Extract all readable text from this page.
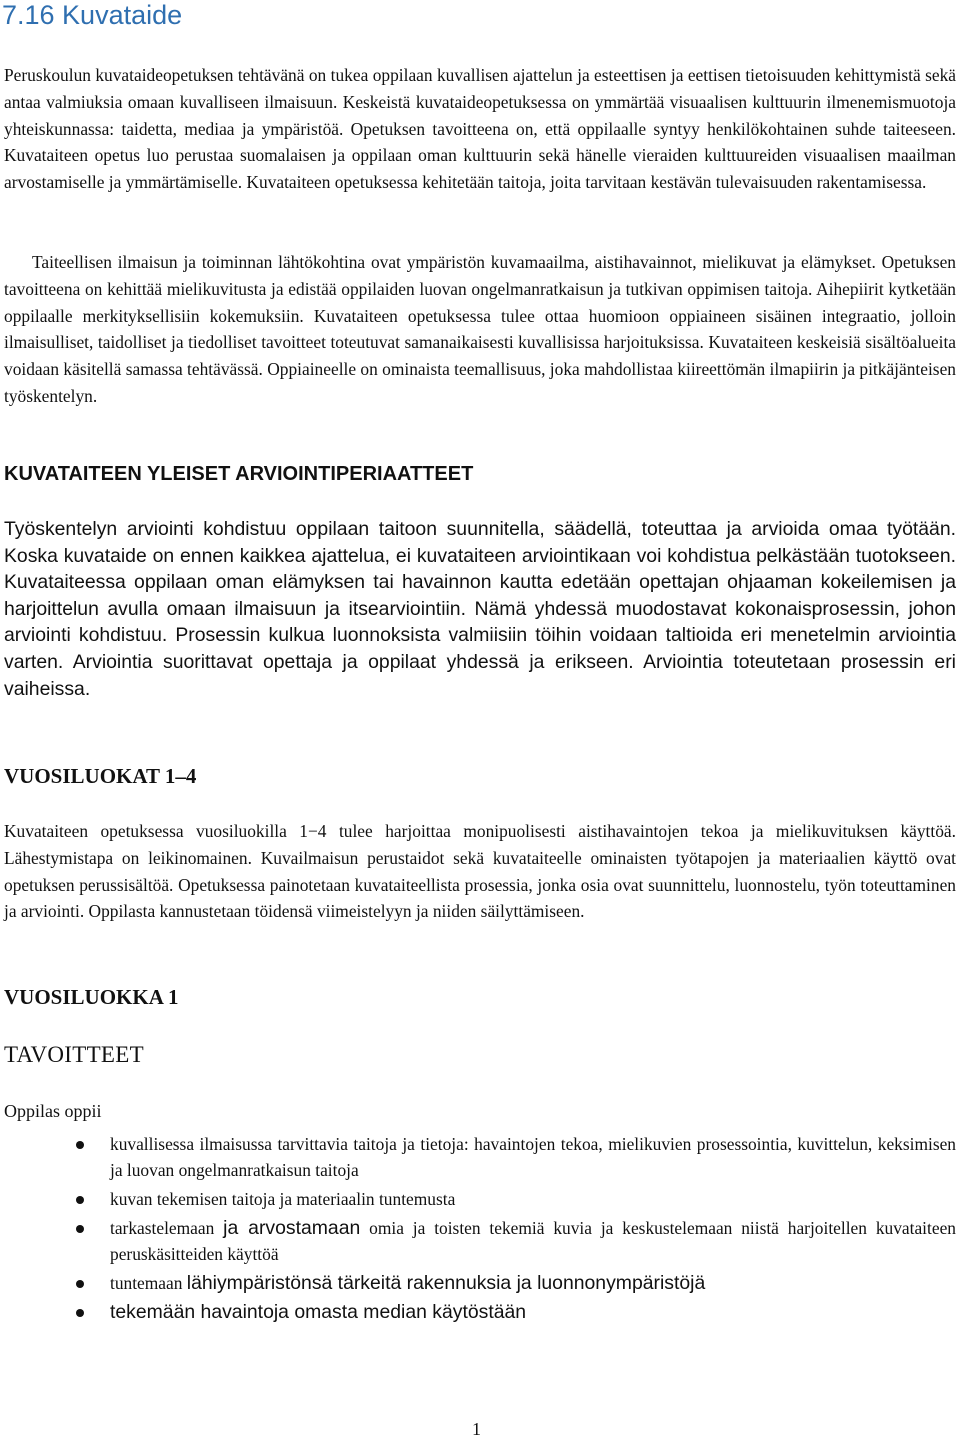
7.16 Kuvataide

Peruskoulun kuvataideopetuksen tehtävänä on tukea oppilaan kuvallisen ajattelun ja esteettisen ja eettisen tietoisuuden kehittymistä sekä antaa valmiuksia omaan kuvalliseen ilmaisuun. Keskeistä kuvataideopetuksessa on ymmärtää visuaalisen kulttuurin ilmenemismuotoja yhteiskunnassa: taidetta, mediaa ja ympäristöä. Opetuksen tavoitteena on, että oppilaalle syntyy henkilökohtainen suhde taiteeseen. Kuvataiteen opetus luo perustaa suomalaisen ja oppilaan oman kulttuurin sekä hänelle vieraiden kulttuureiden visuaalisen maailman arvostamiselle ja ymmärtämiselle. Kuvataiteen opetuksessa kehitetään taitoja, joita tarvitaan kestävän tulevaisuuden rakentamisessa.

Taiteellisen ilmaisun ja toiminnan lähtökohtina ovat ympäristön kuvamaailma, aistihavainnot, mielikuvat ja elämykset. Opetuksen tavoitteena on kehittää mielikuvitusta ja edistää oppilaiden luovan ongelmanratkaisun ja tutkivan oppimisen taitoja. Aihepiirit kytketään oppilaalle merkityksellisiin kokemuksiin. Kuvataiteen opetuksessa tulee ottaa huomioon oppiaineen sisäinen integraatio, jolloin ilmaisulliset, taidolliset ja tiedolliset tavoitteet toteutuvat samanaikaisesti kuvallisissa harjoituksissa. Kuvataiteen keskeisiä sisältöalueita voidaan käsitellä samassa tehtävässä. Oppiaineelle on ominaista teemallisuus, joka mahdollistaa kiireettömän ilmapiirin ja pitkäjänteisen työskentelyn.

KUVATAITEEN YLEISET ARVIOINTIPERIAATTEET

Työskentelyn arviointi kohdistuu oppilaan taitoon suunnitella, säädellä, toteuttaa ja arvioida omaa työtään. Koska kuvataide on ennen kaikkea ajattelua, ei kuvataiteen arviointikaan voi kohdistua pelkästään tuotokseen. Kuvataiteessa oppilaan oman elämyksen tai havainnon kautta edetään opettajan ohjaaman kokeilemisen ja harjoittelun avulla omaan ilmaisuun ja itsearviointiin. Nämä yhdessä muodostavat kokonaisprosessin, johon arviointi kohdistuu. Prosessin kulkua luonnoksista valmiisiin töihin voidaan taltioida eri menetelmin arviointia varten. Arviointia suorittavat opettaja ja oppilaat yhdessä ja erikseen. Arviointia toteutetaan prosessin eri vaiheissa.

VUOSILUOKAT 1–4

Kuvataiteen opetuksessa vuosiluokilla 1−4 tulee harjoittaa monipuolisesti aistihavaintojen tekoa ja mielikuvituksen käyttöä. Lähestymistapa on leikinomainen. Kuvailmaisun perustaidot sekä kuvataiteelle ominaisten työtapojen ja materiaalien käyttö ovat opetuksen perussisältöä. Opetuksessa painotetaan kuvataiteellista prosessia, jonka osia ovat suunnittelu, luonnostelu, työn toteuttaminen ja arviointi. Oppilasta kannustetaan töidensä viimeistelyyn ja niiden säilyttämiseen.

VUOSILUOKKA 1
TAVOITTEET

Oppilas oppii

kuvallisessa ilmaisussa tarvittavia taitoja ja tietoja: havaintojen tekoa, mielikuvien prosessointia, kuvittelun, keksimisen ja luovan ongelmanratkaisun taitoja
kuvan tekemisen taitoja ja materiaalin tuntemusta
tarkastelemaan ja arvostamaan omia ja toisten tekemiä kuvia ja keskustelemaan niistä harjoitellen kuvataiteen peruskäsitteiden käyttöä
tuntemaan lähiympäristönsä tärkeitä rakennuksia ja luonnonympäristöjä
tekemään havaintoja omasta median käytöstään

1
